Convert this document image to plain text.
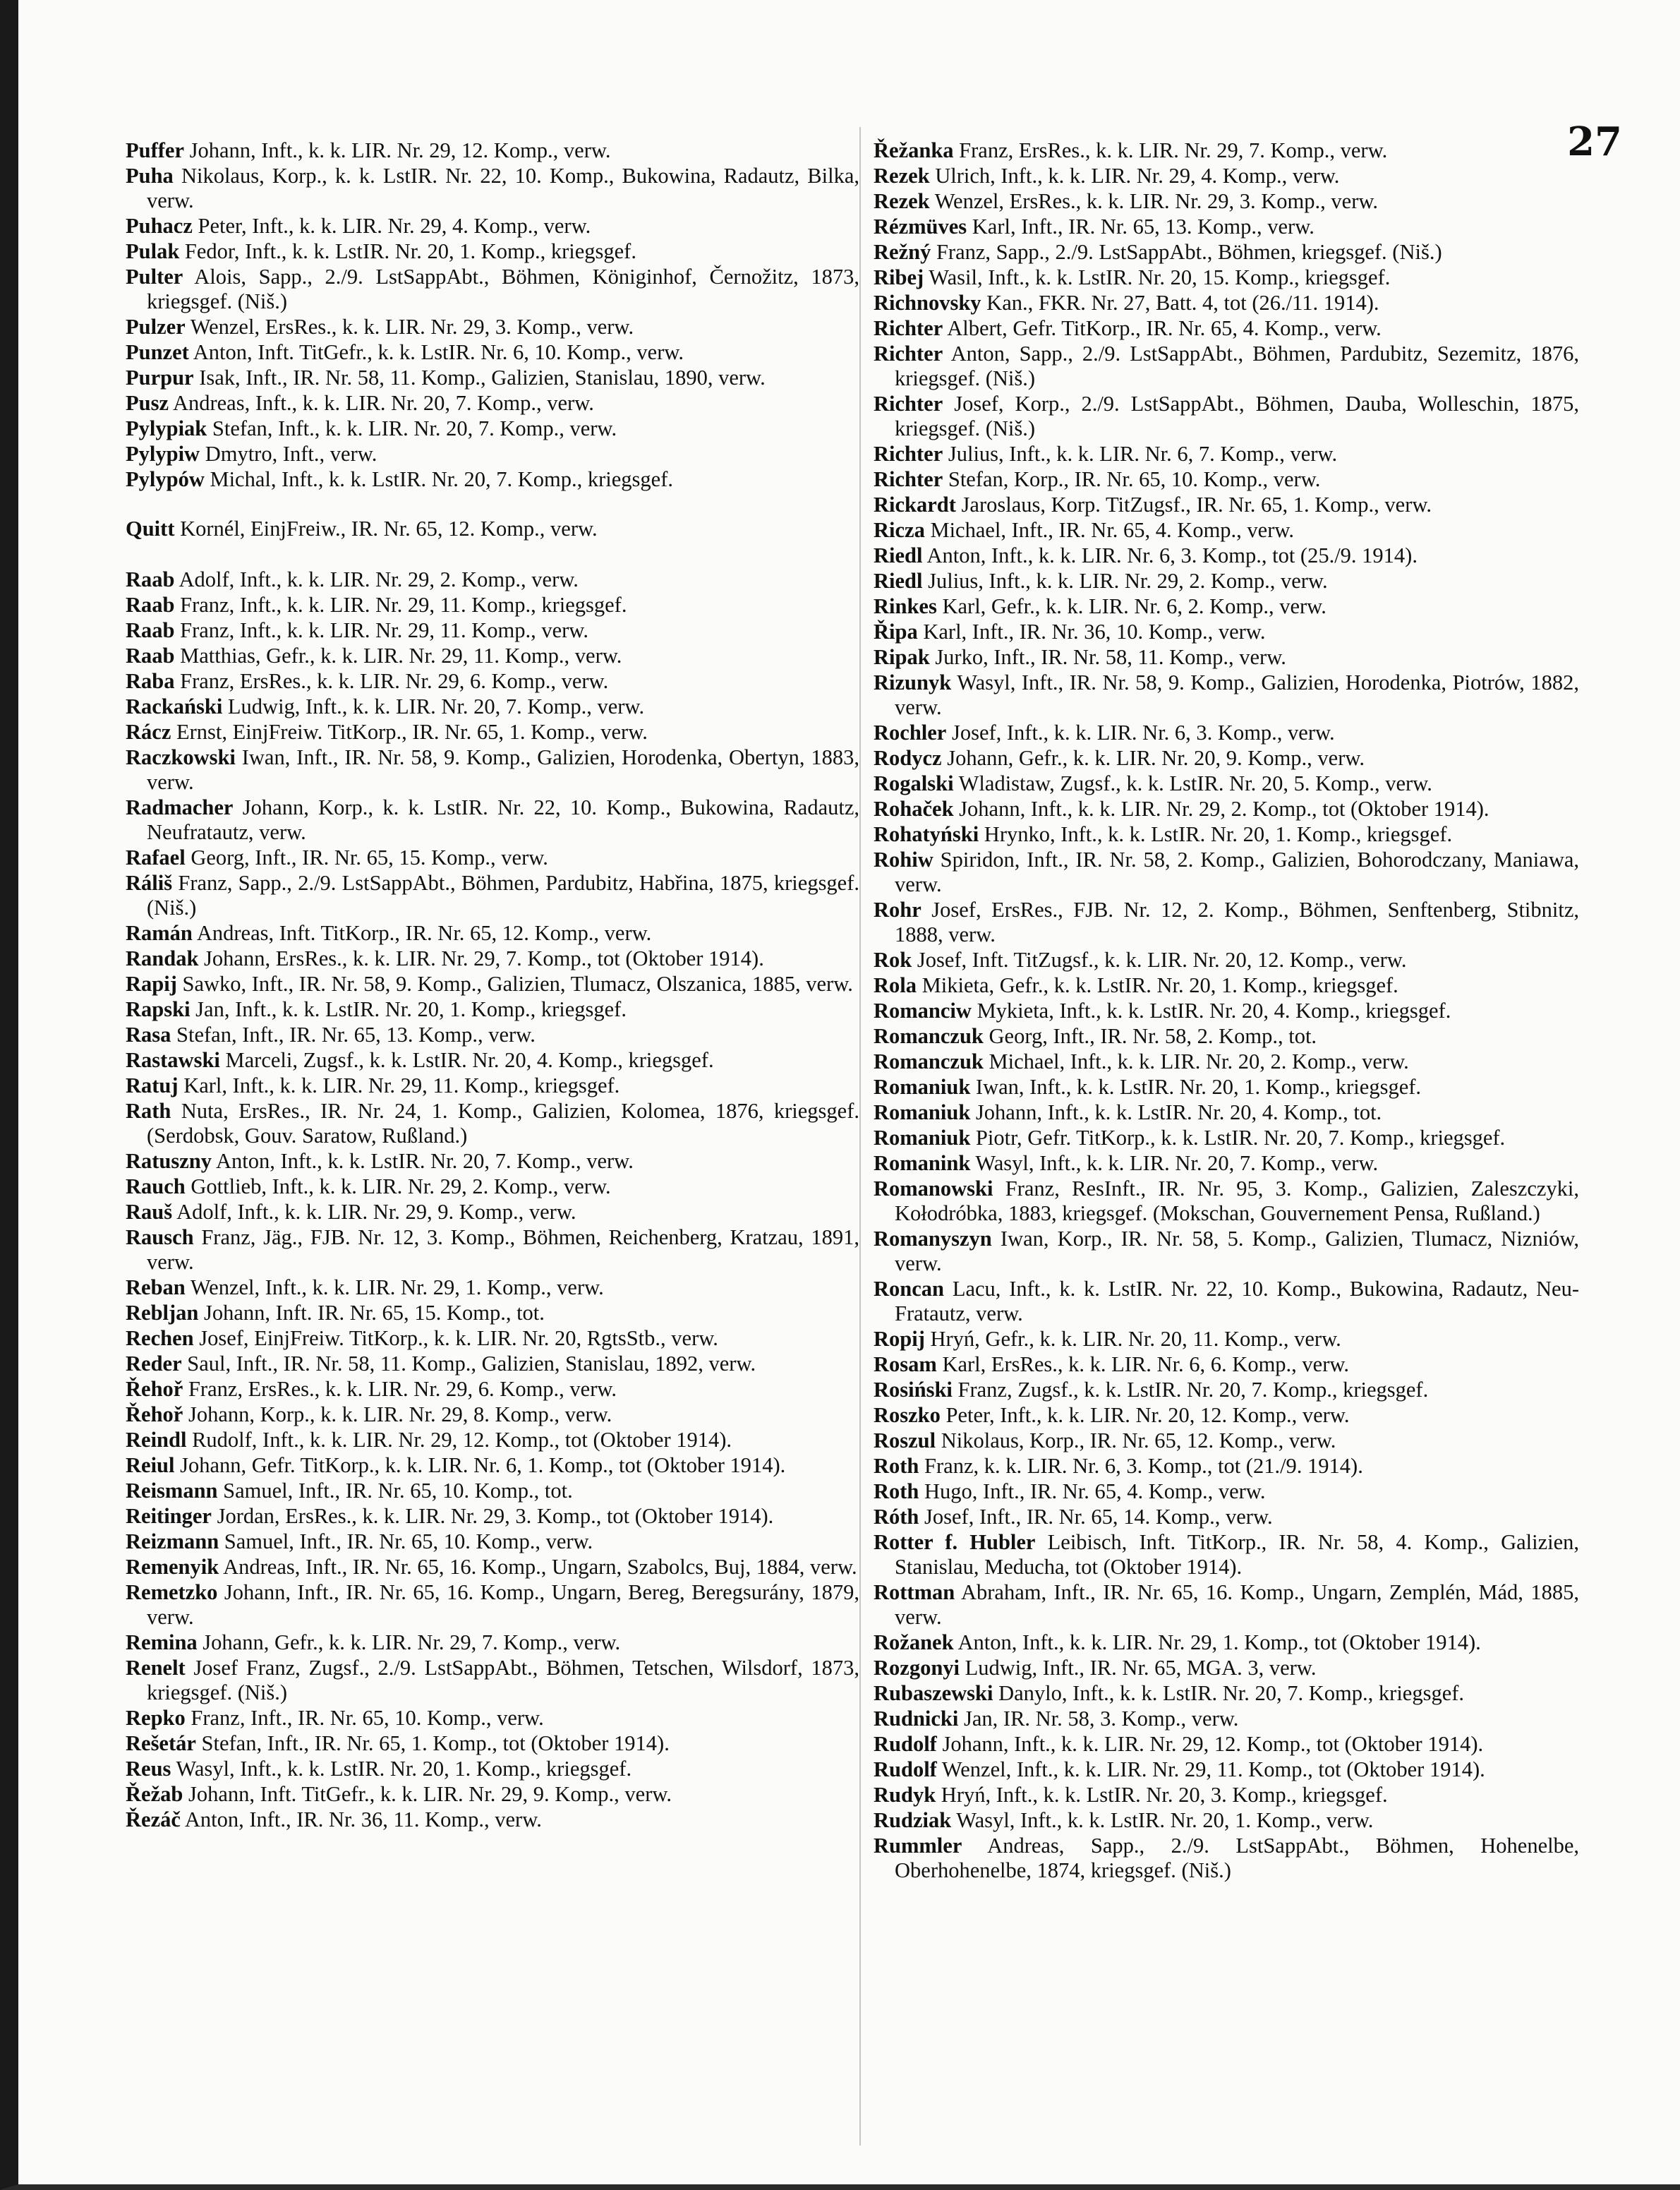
27
Puffer Johann, Inft., k. k. LIR. Nr. 29, 12. Komp., verw.
Puha Nikolaus, Korp., k. k. LstIR. Nr. 22, 10. Komp., Bukowina, Radautz, Bilka, verw.
Puhacz Peter, Inft., k. k. LIR. Nr. 29, 4. Komp., verw.
Pulak Fedor, Inft., k. k. LstIR. Nr. 20, 1. Komp., kriegsgef.
Pulter Alois, Sapp., 2./9. LstSappAbt., Böhmen, Königinhof, Černožitz, 1873, kriegsgef. (Niš.)
Pulzer Wenzel, ErsRes., k. k. LIR. Nr. 29, 3. Komp., verw.
Punzet Anton, Inft. TitGefr., k. k. LstIR. Nr. 6, 10. Komp., verw.
Purpur Isak, Inft., IR. Nr. 58, 11. Komp., Galizien, Stanislau, 1890, verw.
Pusz Andreas, Inft., k. k. LIR. Nr. 20, 7. Komp., verw.
Pylypiak Stefan, Inft., k. k. LIR. Nr. 20, 7. Komp., verw.
Pylypiw Dmytro, Inft., verw.
Pylypów Michal, Inft., k. k. LstIR. Nr. 20, 7. Komp., kriegsgef.
Quitt Kornél, EinjFreiw., IR. Nr. 65, 12. Komp., verw.
Raab Adolf, Inft., k. k. LIR. Nr. 29, 2. Komp., verw.
Raab Franz, Inft., k. k. LIR. Nr. 29, 11. Komp., kriegsgef.
Raab Franz, Inft., k. k. LIR. Nr. 29, 11. Komp., verw.
Raab Matthias, Gefr., k. k. LIR. Nr. 29, 11. Komp., verw.
Raba Franz, ErsRes., k. k. LIR. Nr. 29, 6. Komp., verw.
Rackański Ludwig, Inft., k. k. LIR. Nr. 20, 7. Komp., verw.
Rácz Ernst, EinjFreiw. TitKorp., IR. Nr. 65, 1. Komp., verw.
Raczkowski Iwan, Inft., IR. Nr. 58, 9. Komp., Galizien, Horodenka, Obertyn, 1883, verw.
Radmacher Johann, Korp., k. k. LstIR. Nr. 22, 10. Komp., Bukowina, Radautz, Neufratautz, verw.
Rafael Georg, Inft., IR. Nr. 65, 15. Komp., verw.
Ráliš Franz, Sapp., 2./9. LstSappAbt., Böhmen, Pardubitz, Habřina, 1875, kriegsgef. (Niš.)
Ramán Andreas, Inft. TitKorp., IR. Nr. 65, 12. Komp., verw.
Randak Johann, ErsRes., k. k. LIR. Nr. 29, 7. Komp., tot (Oktober 1914).
Rapij Sawko, Inft., IR. Nr. 58, 9. Komp., Galizien, Tlumacz, Olszanica, 1885, verw.
Rapski Jan, Inft., k. k. LstIR. Nr. 20, 1. Komp., kriegsgef.
Rasa Stefan, Inft., IR. Nr. 65, 13. Komp., verw.
Rastawski Marceli, Zugsf., k. k. LstIR. Nr. 20, 4. Komp., kriegsgef.
Ratuj Karl, Inft., k. k. LIR. Nr. 29, 11. Komp., kriegsgef.
Rath Nuta, ErsRes., IR. Nr. 24, 1. Komp., Galizien, Kolomea, 1876, kriegsgef. (Serdobsk, Gouv. Saratow, Rußland.)
Ratuszny Anton, Inft., k. k. LstIR. Nr. 20, 7. Komp., verw.
Rauch Gottlieb, Inft., k. k. LIR. Nr. 29, 2. Komp., verw.
Rauš Adolf, Inft., k. k. LIR. Nr. 29, 9. Komp., verw.
Rausch Franz, Jäg., FJB. Nr. 12, 3. Komp., Böhmen, Reichenberg, Kratzau, 1891, verw.
Reban Wenzel, Inft., k. k. LIR. Nr. 29, 1. Komp., verw.
Rebljan Johann, Inft. IR. Nr. 65, 15. Komp., tot.
Rechen Josef, EinjFreiw. TitKorp., k. k. LIR. Nr. 20, RgtsStb., verw.
Reder Saul, Inft., IR. Nr. 58, 11. Komp., Galizien, Stanislau, 1892, verw.
Řehoř Franz, ErsRes., k. k. LIR. Nr. 29, 6. Komp., verw.
Řehoř Johann, Korp., k. k. LIR. Nr. 29, 8. Komp., verw.
Reindl Rudolf, Inft., k. k. LIR. Nr. 29, 12. Komp., tot (Oktober 1914).
Reiul Johann, Gefr. TitKorp., k. k. LIR. Nr. 6, 1. Komp., tot (Oktober 1914).
Reismann Samuel, Inft., IR. Nr. 65, 10. Komp., tot.
Reitinger Jordan, ErsRes., k. k. LIR. Nr. 29, 3. Komp., tot (Oktober 1914).
Reizmann Samuel, Inft., IR. Nr. 65, 10. Komp., verw.
Remenyik Andreas, Inft., IR. Nr. 65, 16. Komp., Ungarn, Szabolcs, Buj, 1884, verw.
Remetzko Johann, Inft., IR. Nr. 65, 16. Komp., Ungarn, Bereg, Beregsurány, 1879, verw.
Remina Johann, Gefr., k. k. LIR. Nr. 29, 7. Komp., verw.
Renelt Josef Franz, Zugsf., 2./9. LstSappAbt., Böhmen, Tetschen, Wilsdorf, 1873, kriegsgef. (Niš.)
Repko Franz, Inft., IR. Nr. 65, 10. Komp., verw.
Rešetár Stefan, Inft., IR. Nr. 65, 1. Komp., tot (Oktober 1914).
Reus Wasyl, Inft., k. k. LstIR. Nr. 20, 1. Komp., kriegsgef.
Řežab Johann, Inft. TitGefr., k. k. LIR. Nr. 29, 9. Komp., verw.
Řezáč Anton, Inft., IR. Nr. 36, 11. Komp., verw.
Řežanka Franz, ErsRes., k. k. LIR. Nr. 29, 7. Komp., verw.
Rezek Ulrich, Inft., k. k. LIR. Nr. 29, 4. Komp., verw.
Rezek Wenzel, ErsRes., k. k. LIR. Nr. 29, 3. Komp., verw.
Rézmüves Karl, Inft., IR. Nr. 65, 13. Komp., verw.
Režný Franz, Sapp., 2./9. LstSappAbt., Böhmen, kriegsgef. (Niš.)
Ribej Wasil, Inft., k. k. LstIR. Nr. 20, 15. Komp., kriegsgef.
Richnovsky Kan., FKR. Nr. 27, Batt. 4, tot (26./11. 1914).
Richter Albert, Gefr. TitKorp., IR. Nr. 65, 4. Komp., verw.
Richter Anton, Sapp., 2./9. LstSappAbt., Böhmen, Pardubitz, Sezemitz, 1876, kriegsgef. (Niš.)
Richter Josef, Korp., 2./9. LstSappAbt., Böhmen, Dauba, Wolleschin, 1875, kriegsgef. (Niš.)
Richter Julius, Inft., k. k. LIR. Nr. 6, 7. Komp., verw.
Richter Stefan, Korp., IR. Nr. 65, 10. Komp., verw.
Rickardt Jaroslaus, Korp. TitZugsf., IR. Nr. 65, 1. Komp., verw.
Ricza Michael, Inft., IR. Nr. 65, 4. Komp., verw.
Riedl Anton, Inft., k. k. LIR. Nr. 6, 3. Komp., tot (25./9. 1914).
Riedl Julius, Inft., k. k. LIR. Nr. 29, 2. Komp., verw.
Rinkes Karl, Gefr., k. k. LIR. Nr. 6, 2. Komp., verw.
Řipa Karl, Inft., IR. Nr. 36, 10. Komp., verw.
Ripak Jurko, Inft., IR. Nr. 58, 11. Komp., verw.
Rizunyk Wasyl, Inft., IR. Nr. 58, 9. Komp., Galizien, Horodenka, Piotrów, 1882, verw.
Rochler Josef, Inft., k. k. LIR. Nr. 6, 3. Komp., verw.
Rodycz Johann, Gefr., k. k. LIR. Nr. 20, 9. Komp., verw.
Rogalski Wladistaw, Zugsf., k. k. LstIR. Nr. 20, 5. Komp., verw.
Rohaček Johann, Inft., k. k. LIR. Nr. 29, 2. Komp., tot (Oktober 1914).
Rohatyński Hrynko, Inft., k. k. LstIR. Nr. 20, 1. Komp., kriegsgef.
Rohiw Spiridon, Inft., IR. Nr. 58, 2. Komp., Galizien, Bohorodczany, Maniawa, verw.
Rohr Josef, ErsRes., FJB. Nr. 12, 2. Komp., Böhmen, Senftenberg, Stibnitz, 1888, verw.
Rok Josef, Inft. TitZugsf., k. k. LIR. Nr. 20, 12. Komp., verw.
Rola Mikieta, Gefr., k. k. LstIR. Nr. 20, 1. Komp., kriegsgef.
Romanciw Mykieta, Inft., k. k. LstIR. Nr. 20, 4. Komp., kriegsgef.
Romanczuk Georg, Inft., IR. Nr. 58, 2. Komp., tot.
Romanczuk Michael, Inft., k. k. LIR. Nr. 20, 2. Komp., verw.
Romaniuk Iwan, Inft., k. k. LstIR. Nr. 20, 1. Komp., kriegsgef.
Romaniuk Johann, Inft., k. k. LstIR. Nr. 20, 4. Komp., tot.
Romaniuk Piotr, Gefr. TitKorp., k. k. LstIR. Nr. 20, 7. Komp., kriegsgef.
Romanink Wasyl, Inft., k. k. LIR. Nr. 20, 7. Komp., verw.
Romanowski Franz, ResInft., IR. Nr. 95, 3. Komp., Galizien, Zaleszczyki, Kołodróbka, 1883, kriegsgef. (Mokschan, Gouvernement Pensa, Rußland.)
Romanyszyn Iwan, Korp., IR. Nr. 58, 5. Komp., Galizien, Tlumacz, Nizniów, verw.
Roncan Lacu, Inft., k. k. LstIR. Nr. 22, 10. Komp., Bukowina, Radautz, Neu-Fratautz, verw.
Ropij Hryń, Gefr., k. k. LIR. Nr. 20, 11. Komp., verw.
Rosam Karl, ErsRes., k. k. LIR. Nr. 6, 6. Komp., verw.
Rosiński Franz, Zugsf., k. k. LstIR. Nr. 20, 7. Komp., kriegsgef.
Roszko Peter, Inft., k. k. LIR. Nr. 20, 12. Komp., verw.
Roszul Nikolaus, Korp., IR. Nr. 65, 12. Komp., verw.
Roth Franz, k. k. LIR. Nr. 6, 3. Komp., tot (21./9. 1914).
Roth Hugo, Inft., IR. Nr. 65, 4. Komp., verw.
Róth Josef, Inft., IR. Nr. 65, 14. Komp., verw.
Rotter f. Hubler Leibisch, Inft. TitKorp., IR. Nr. 58, 4. Komp., Galizien, Stanislau, Meducha, tot (Oktober 1914).
Rottman Abraham, Inft., IR. Nr. 65, 16. Komp., Ungarn, Zemplén, Mád, 1885, verw.
Rožanek Anton, Inft., k. k. LIR. Nr. 29, 1. Komp., tot (Oktober 1914).
Rozgonyi Ludwig, Inft., IR. Nr. 65, MGA. 3, verw.
Rubaszewski Danylo, Inft., k. k. LstIR. Nr. 20, 7. Komp., kriegsgef.
Rudnicki Jan, IR. Nr. 58, 3. Komp., verw.
Rudolf Johann, Inft., k. k. LIR. Nr. 29, 12. Komp., tot (Oktober 1914).
Rudolf Wenzel, Inft., k. k. LIR. Nr. 29, 11. Komp., tot (Oktober 1914).
Rudyk Hryń, Inft., k. k. LstIR. Nr. 20, 3. Komp., kriegsgef.
Rudziak Wasyl, Inft., k. k. LstIR. Nr. 20, 1. Komp., verw.
Rummler Andreas, Sapp., 2./9. LstSappAbt., Böhmen, Hohenelbe, Oberhohenelbe, 1874, kriegsgef. (Niš.)
